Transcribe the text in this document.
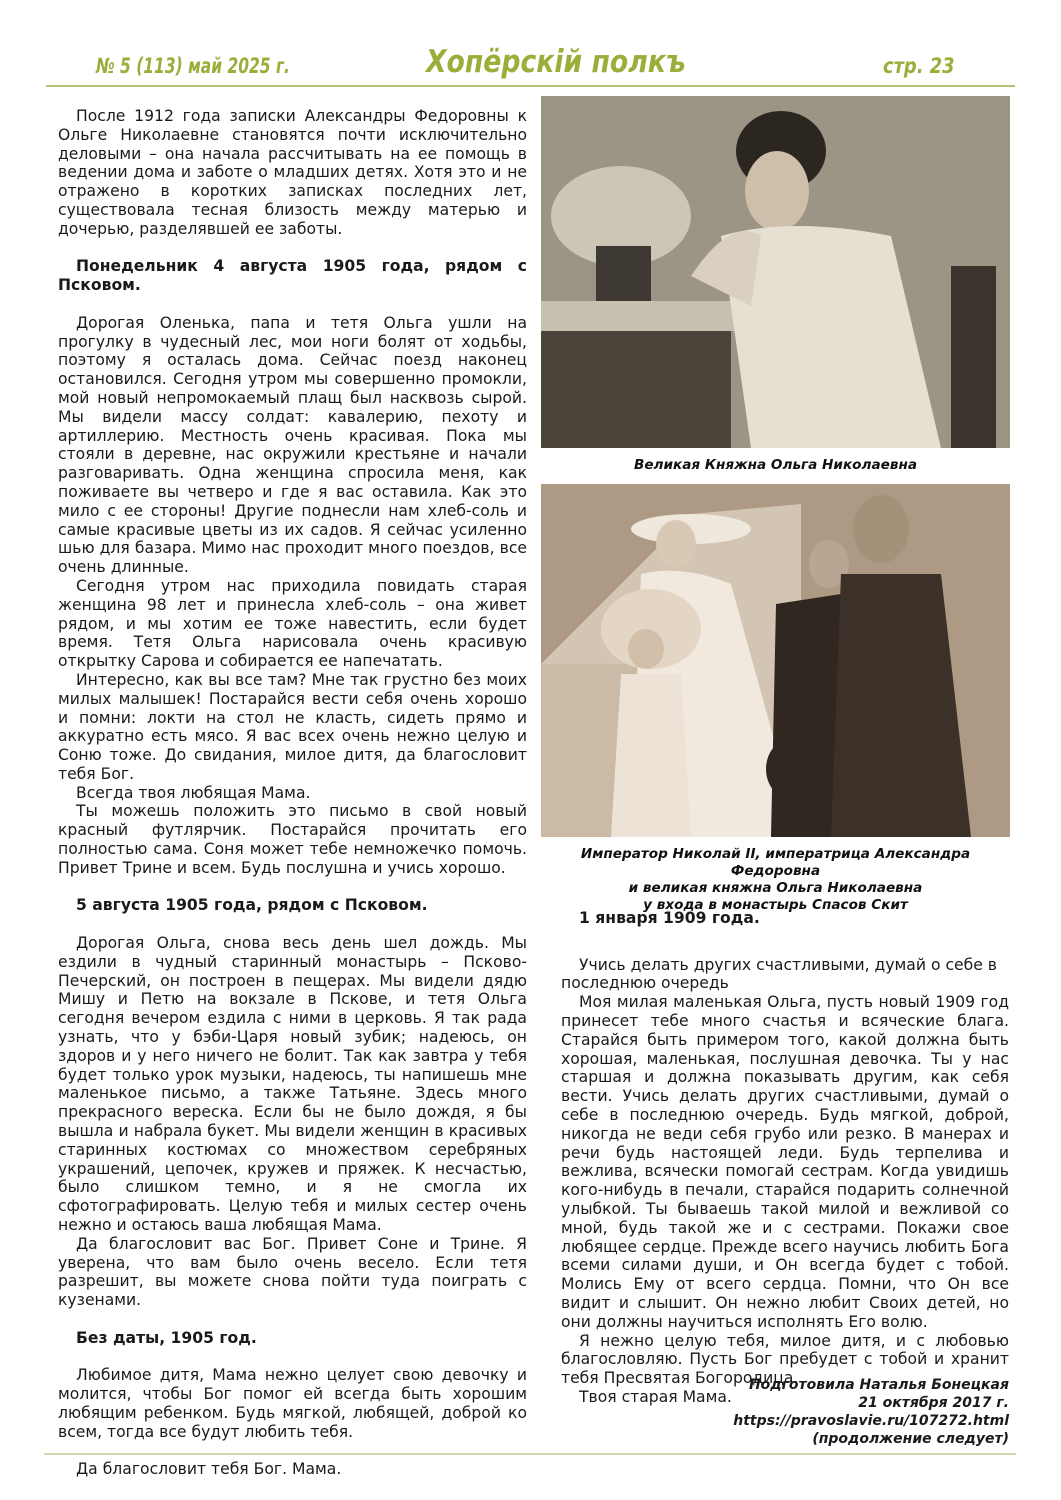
№ 5 (113) май 2025 г.	Хопёрскій полкъ	стр. 23

После 1912 года записки Александры Федоровны к Ольге Николаевне становятся почти исключительно деловыми – она начала рассчитывать на ее помощь в ведении дома и заботе о младших детях. Хотя это и не отражено в коротких записках последних лет, существовала тесная близость между матерью и дочерью, разделявшей ее заботы.

Понедельник 4 августа 1905 года, рядом с Псковом.

Дорогая Оленька, папа и тетя Ольга ушли на прогулку в чудесный лес, мои ноги болят от ходьбы, поэтому я осталась дома. Сейчас поезд наконец остановился. Сегодня утром мы совершенно промокли, мой новый непромокаемый плащ был насквозь сырой. Мы видели массу солдат: кавалерию, пехоту и артиллерию. Местность очень красивая. Пока мы стояли в деревне, нас окружили крестьяне и начали разговаривать. Одна женщина спросила меня, как поживаете вы четверо и где я вас оставила. Как это мило с ее стороны! Другие поднесли нам хлеб-соль и самые красивые цветы из их садов. Я сейчас усиленно шью для базара. Мимо нас проходит много поездов, все очень длинные.

Сегодня утром нас приходила повидать старая женщина 98 лет и принесла хлеб-соль – она живет рядом, и мы хотим ее тоже навестить, если будет время. Тетя Ольга нарисовала очень красивую открытку Сарова и собирается ее напечатать.

Интересно, как вы все там? Мне так грустно без моих милых малышек! Постарайся вести себя очень хорошо и помни: локти на стол не класть, сидеть прямо и аккуратно есть мясо. Я вас всех очень нежно целую и Соню тоже. До свидания, милое дитя, да благословит тебя Бог.

Всегда твоя любящая Мама.

Ты можешь положить это письмо в свой новый красный футлярчик. Постарайся прочитать его полностью сама. Соня может тебе немножечко помочь. Привет Трине и всем. Будь послушна и учись хорошо.

5 августа 1905 года, рядом с Псковом.

Дорогая Ольга, снова весь день шел дождь. Мы ездили в чудный старинный монастырь – Псково-Печерский, он построен в пещерах. Мы видели дядю Мишу и Петю на вокзале в Пскове, и тетя Ольга сегодня вечером ездила с ними в церковь. Я так рада узнать, что у бэби-Царя новый зубик; надеюсь, он здоров и у него ничего не болит. Так как завтра у тебя будет только урок музыки, надеюсь, ты напишешь мне маленькое письмо, а также Татьяне. Здесь много прекрасного вереска. Если бы не было дождя, я бы вышла и набрала букет. Мы видели женщин в красивых старинных костюмах со множеством серебряных украшений, цепочек, кружев и пряжек. К несчастью, было слишком темно, и я не смогла их сфотографировать. Целую тебя и милых сестер очень нежно и остаюсь ваша любящая Мама.

Да благословит вас Бог. Привет Соне и Трине. Я уверена, что вам было очень весело. Если тетя разрешит, вы можете снова пойти туда поиграть с кузенами.

Без даты, 1905 год.

Любимое дитя, Мама нежно целует свою девочку и молится, чтобы Бог помог ей всегда быть хорошим любящим ребенком. Будь мягкой, любящей, доброй ко всем, тогда все будут любить тебя.

Да благословит тебя Бог. Мама.

Великая Княжна Ольга Николаевна
Император Николай II, императрица Александра Федоровна
и великая княжна Ольга Николаевна
у входа в монастырь Спасов Скит

1 января 1909 года.

Учись делать других счастливыми, думай о себе в последнюю очередь

Моя милая маленькая Ольга, пусть новый 1909 год принесет тебе много счастья и всяческие блага. Старайся быть примером того, какой должна быть хорошая, маленькая, послушная девочка. Ты у нас старшая и должна показывать другим, как себя вести. Учись делать других счастливыми, думай о себе в последнюю очередь. Будь мягкой, доброй, никогда не веди себя грубо или резко. В манерах и речи будь настоящей леди. Будь терпелива и вежлива, всячески помогай сестрам. Когда увидишь кого-нибудь в печали, старайся подарить солнечной улыбкой. Ты бываешь такой милой и вежливой со мной, будь такой же и с сестрами. Покажи свое любящее сердце. Прежде всего научись любить Бога всеми силами души, и Он всегда будет с тобой. Молись Ему от всего сердца. Помни, что Он все видит и слышит. Он нежно любит Своих детей, но они должны научиться исполнять Его волю.

Я нежно целую тебя, милое дитя, и с любовью благословляю. Пусть Бог пребудет с тобой и хранит тебя Пресвятая Богородица.

Твоя старая Мама.

Подготовила Наталья Бонецкая
21 октября 2017 г.
https://pravoslavie.ru/107272.html
(продолжение следует)
